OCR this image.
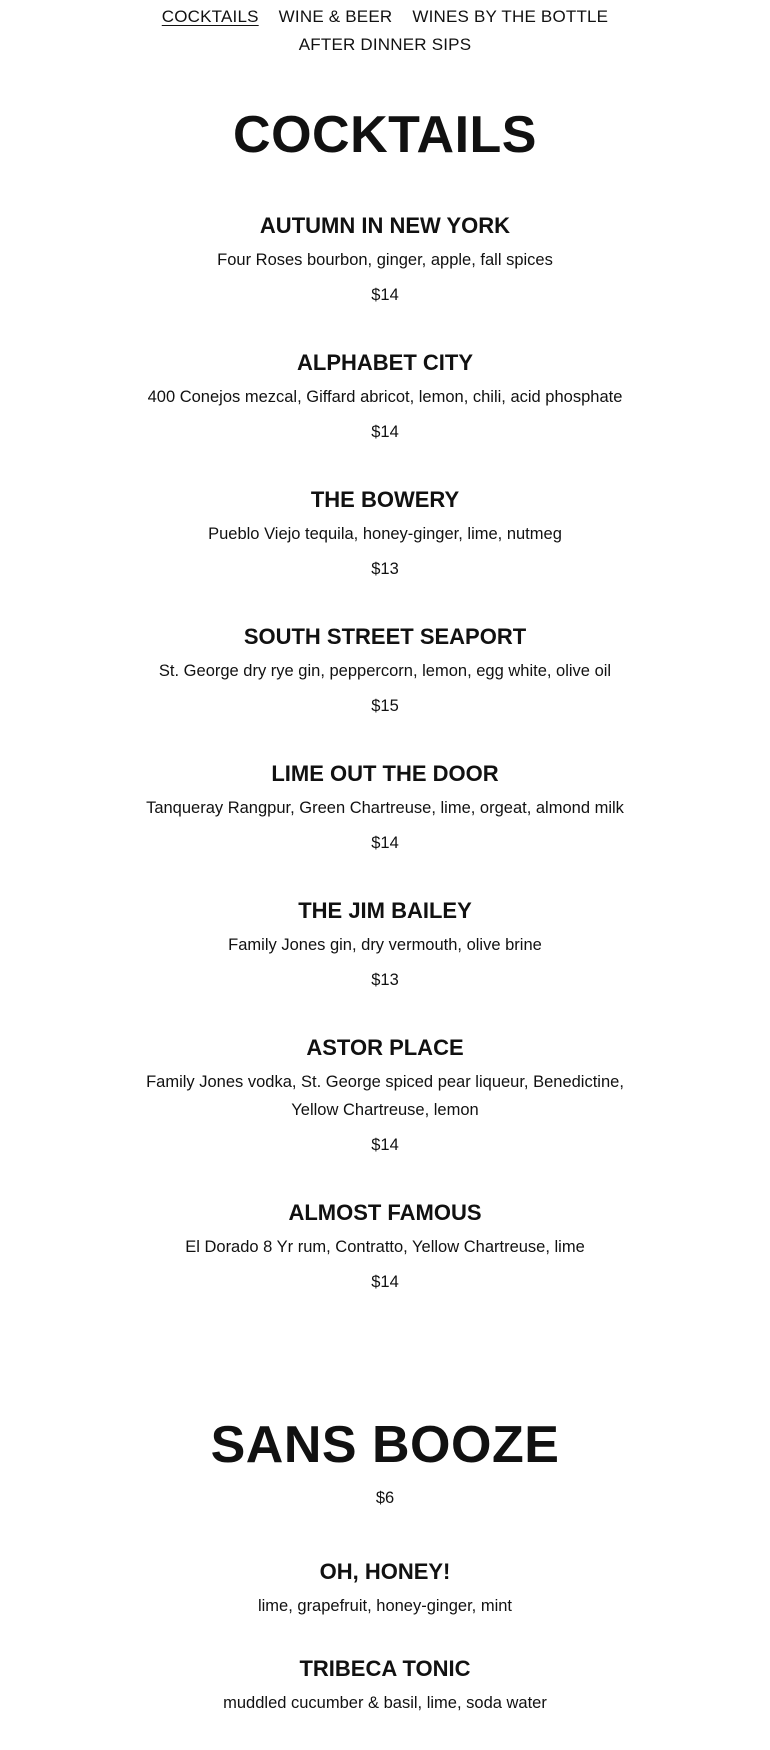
COCKTAILS WINE & BEER WINES BY THE BOTTLE
AFTER DINNER SIPS
COCKTAILS
AUTUMN IN NEW YORK

Four Roses bourbon, ginger, apple, fall spices

$14
ALPHABET CITY

400 Conejos mezcal, Giffard abricot, lemon, chili, acid phosphate

$14
THE BOWERY

Pueblo Viejo tequila, honey-ginger, lime, nutmeg

$13
SOUTH STREET SEAPORT

St. George dry rye gin, peppercorn, lemon, egg white, olive oil

$15
LIME OUT THE DOOR

Tanqueray Rangpur, Green Chartreuse, lime, orgeat, almond milk

$14
THE JIM BAILEY

Family Jones gin, dry vermouth, olive brine

$13
ASTOR PLACE

Family Jones vodka, St. George spiced pear liqueur, Benedictine, Yellow Chartreuse, lemon

$14
ALMOST FAMOUS

El Dorado 8 Yr rum, Contratto, Yellow Chartreuse, lime

$14
SANS BOOZE
$6
OH, HONEY!

lime, grapefruit, honey-ginger, mint

TRIBECA TONIC

muddled cucumber & basil, lime, soda water
